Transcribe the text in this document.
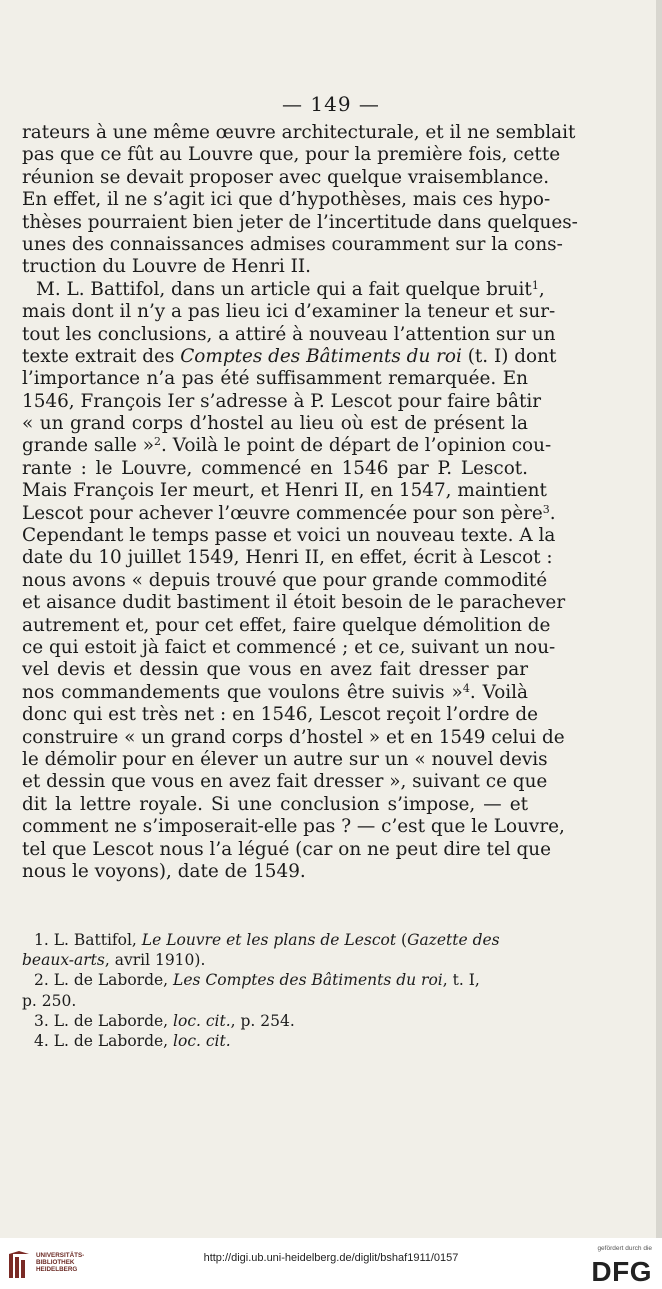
— 149 —
rateurs à une même œuvre architecturale, et il ne semblait
pas que ce fût au Louvre que, pour la première fois, cette
réunion se devait proposer avec quelque vraisemblance.
En effet, il ne s’agit ici que d’hypothèses, mais ces hypo-
thèses pourraient bien jeter de l’incertitude dans quelques-
unes des connaissances admises couramment sur la cons-
truction du Louvre de Henri II.
M. L. Battifol, dans un article qui a fait quelque bruit$^1$,
mais dont il n’y a pas lieu ici d’examiner la teneur et sur-
tout les conclusions, a attiré à nouveau l’attention sur un
texte extrait des Comptes des Bâtiments du roi (t. I) dont
l’importance n’a pas été suffisamment remarquée. En
1546, François Ier s’adresse à P. Lescot pour faire bâtir
« un grand corps d’hostel au lieu où est de présent la
grande salle »$^2$. Voilà le point de départ de l’opinion cou-
rante : le Louvre, commencé en 1546 par P. Lescot.
Mais François Ier meurt, et Henri II, en 1547, maintient
Lescot pour achever l’œuvre commencée pour son père$^3$.
Cependant le temps passe et voici un nouveau texte. A la
date du 10 juillet 1549, Henri II, en effet, écrit à Lescot :
nous avons « depuis trouvé que pour grande commodité
et aisance dudit bastiment il étoit besoin de le parachever
autrement et, pour cet effet, faire quelque démolition de
ce qui estoit jà faict et commencé ; et ce, suivant un nou-
vel devis et dessin que vous en avez fait dresser par
nos commandements que voulons être suivis »$^4$. Voilà
donc qui est très net : en 1546, Lescot reçoit l’ordre de
construire « un grand corps d’hostel » et en 1549 celui de
le démolir pour en élever un autre sur un « nouvel devis
et dessin que vous en avez fait dresser », suivant ce que
dit la lettre royale. Si une conclusion s’impose, — et
comment ne s’imposerait-elle pas ? — c’est que le Louvre,
tel que Lescot nous l’a légué (car on ne peut dire tel que
nous le voyons), date de 1549.
1. L. Battifol, Le Louvre et les plans de Lescot (Gazette des
beaux-arts, avril 1910).
2. L. de Laborde, Les Comptes des Bâtiments du roi, t. I,
p. 250.
3. L. de Laborde, loc. cit., p. 254.
4. L. de Laborde, loc. cit.
UNIVERSITÄTS-
BIBLIOTHEK
HEIDELBERG
http://digi.ub.uni-heidelberg.de/diglit/bshaf1911/0157
gefördert durch die
DFG
